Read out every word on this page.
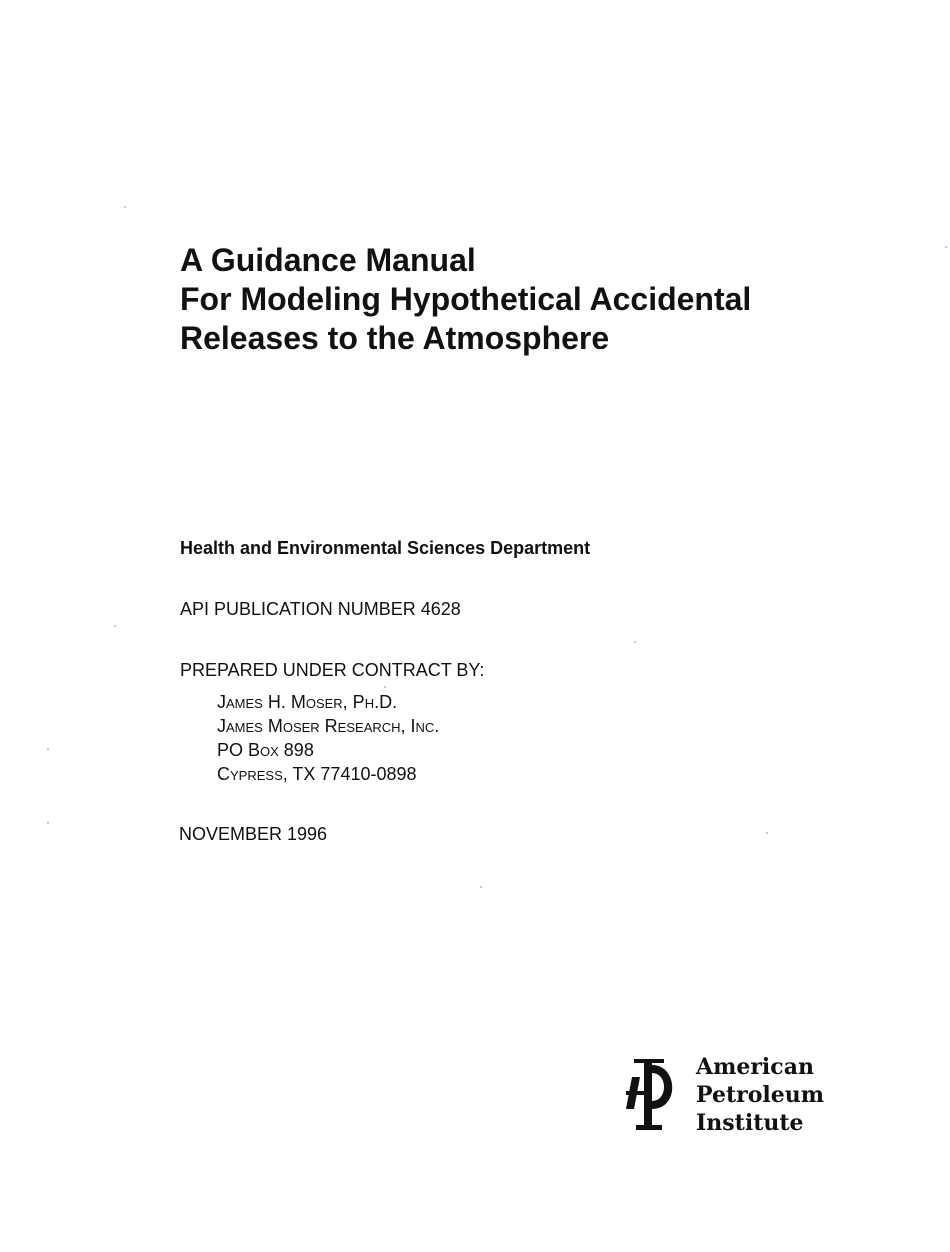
A Guidance Manual
For Modeling Hypothetical Accidental
Releases to the Atmosphere
Health and Environmental Sciences Department
API PUBLICATION NUMBER 4628
PREPARED UNDER CONTRACT BY:
James H. Moser, Ph.D.
James Moser Research, Inc.
PO Box 898
Cypress, TX 77410-0898
NOVEMBER 1996
American
Petroleum
Institute
